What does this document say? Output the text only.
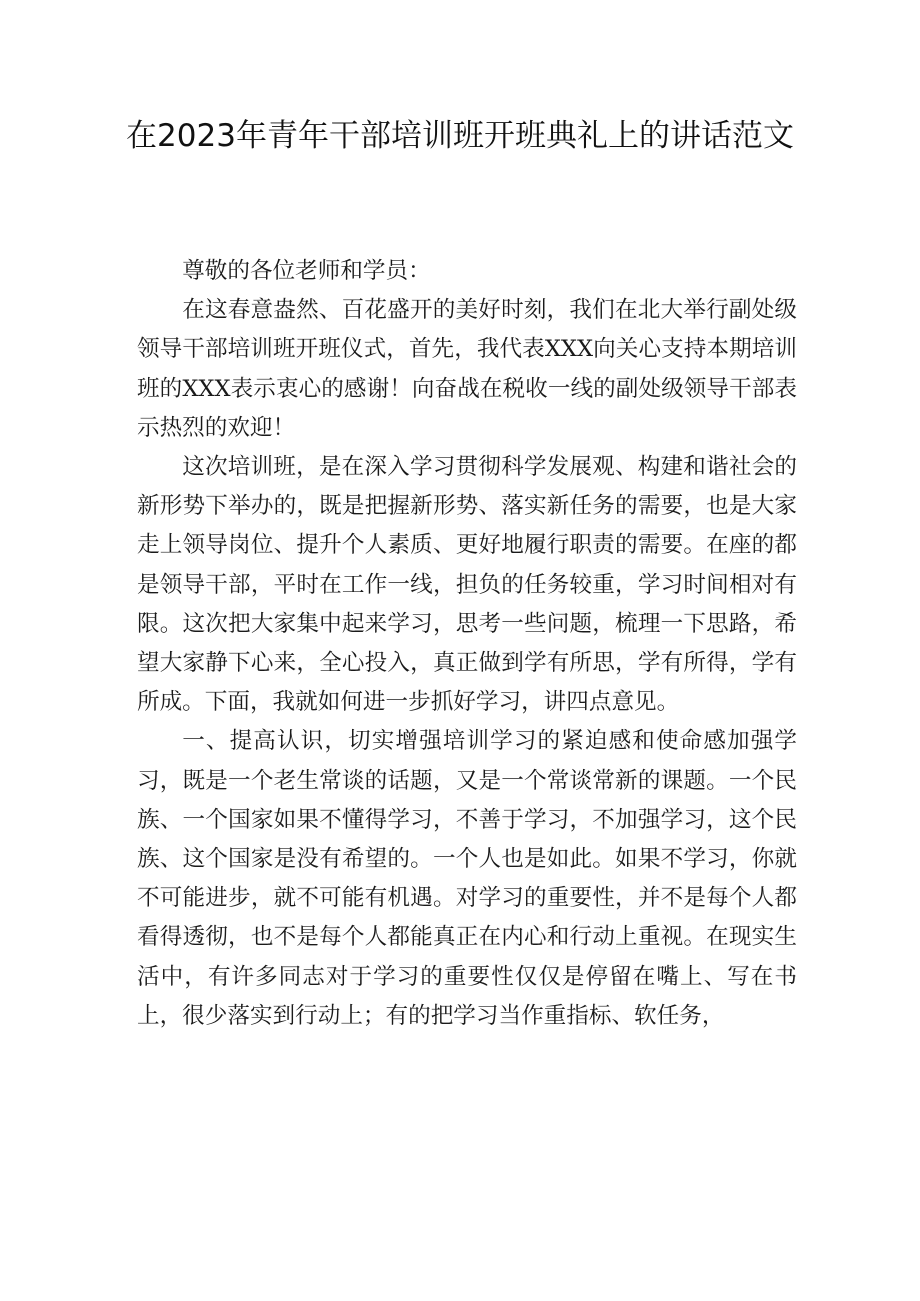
在2023年青年干部培训班开班典礼上的讲话范文

尊敬的各位老师和学员：

在这春意盎然、百花盛开的美好时刻，我们在北大举行副处级领导干部培训班开班仪式，首先，我代表XXX向关心支持本期培训班的XXX表示衷心的感谢！向奋战在税收一线的副处级领导干部表示热烈的欢迎！

这次培训班，是在深入学习贯彻科学发展观、构建和谐社会的新形势下举办的，既是把握新形势、落实新任务的需要，也是大家走上领导岗位、提升个人素质、更好地履行职责的需要。在座的都是领导干部，平时在工作一线，担负的任务较重，学习时间相对有限。这次把大家集中起来学习，思考一些问题，梳理一下思路，希望大家静下心来，全心投入，真正做到学有所思，学有所得，学有所成。下面，我就如何进一步抓好学习，讲四点意见。

一、提高认识，切实增强培训学习的紧迫感和使命感加强学习，既是一个老生常谈的话题，又是一个常谈常新的课题。一个民族、一个国家如果不懂得学习，不善于学习，不加强学习，这个民族、这个国家是没有希望的。一个人也是如此。如果不学习，你就不可能进步，就不可能有机遇。对学习的重要性，并不是每个人都看得透彻，也不是每个人都能真正在内心和行动上重视。在现实生活中，有许多同志对于学习的重要性仅仅是停留在嘴上、写在书上，很少落实到行动上；有的把学习当作重指标、软任务，
